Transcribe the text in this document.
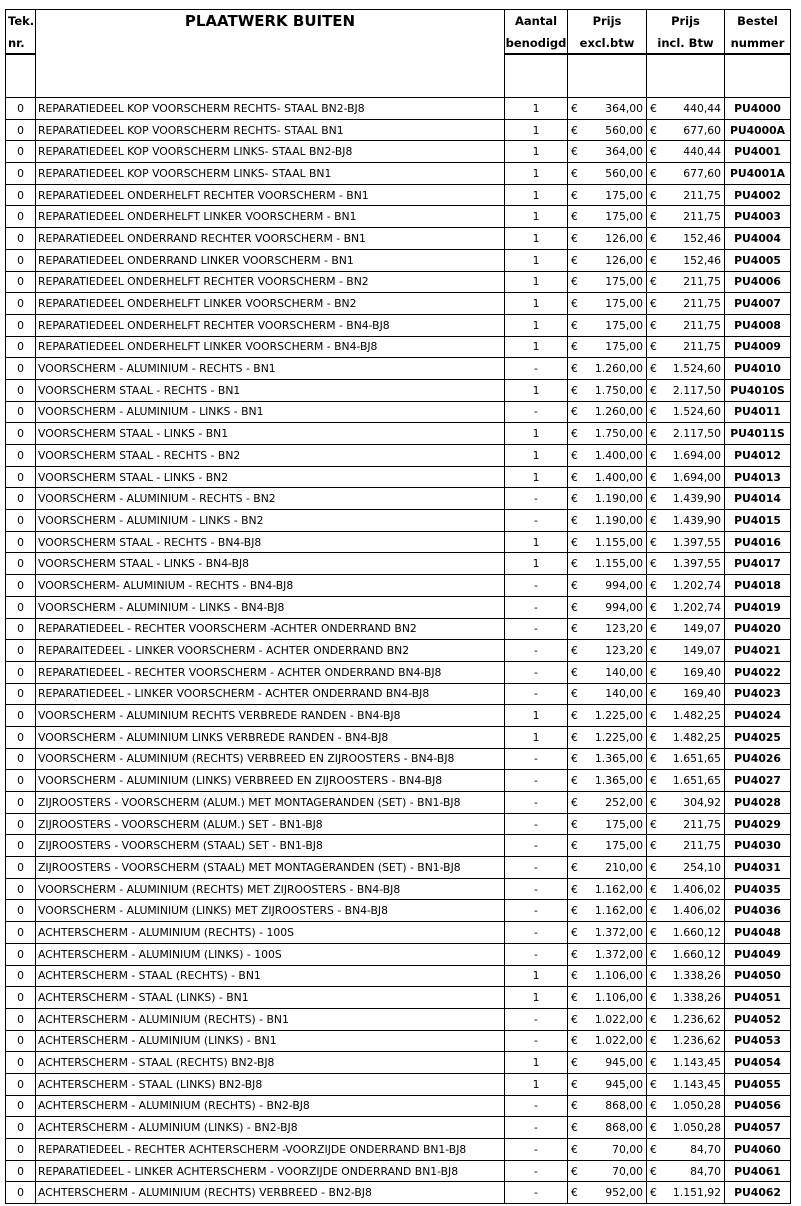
Tek.	PLAATWERK BUITEN	Aantal	Prijs	Prijs	Bestel
nr.		benodigd	excl.btw	incl. Btw	nummer

0	REPARATIEDEEL KOP VOORSCHERM RECHTS- STAAL BN2-BJ8	1	€ 364,00	€ 440,44	PU4000
0	REPARATIEDEEL KOP VOORSCHERM RECHTS- STAAL BN1	1	€ 560,00	€ 677,60	PU4000A
0	REPARATIEDEEL KOP VOORSCHERM LINKS- STAAL BN2-BJ8	1	€ 364,00	€ 440,44	PU4001
0	REPARATIEDEEL KOP VOORSCHERM LINKS- STAAL BN1	1	€ 560,00	€ 677,60	PU4001A
0	REPARATIEDEEL ONDERHELFT RECHTER VOORSCHERM - BN1	1	€ 175,00	€ 211,75	PU4002
0	REPARATIEDEEL ONDERHELFT LINKER VOORSCHERM - BN1	1	€ 175,00	€ 211,75	PU4003
0	REPARATIEDEEL ONDERRAND RECHTER VOORSCHERM - BN1	1	€ 126,00	€ 152,46	PU4004
0	REPARATIEDEEL ONDERRAND LINKER VOORSCHERM - BN1	1	€ 126,00	€ 152,46	PU4005
0	REPARATIEDEEL ONDERHELFT RECHTER VOORSCHERM - BN2	1	€ 175,00	€ 211,75	PU4006
0	REPARATIEDEEL ONDERHELFT LINKER VOORSCHERM - BN2	1	€ 175,00	€ 211,75	PU4007
0	REPARATIEDEEL ONDERHELFT RECHTER VOORSCHERM - BN4-BJ8	1	€ 175,00	€ 211,75	PU4008
0	REPARATIEDEEL ONDERHELFT LINKER VOORSCHERM - BN4-BJ8	1	€ 175,00	€ 211,75	PU4009
0	VOORSCHERM - ALUMINIUM - RECHTS - BN1	-	€ 1.260,00	€ 1.524,60	PU4010
0	VOORSCHERM STAAL - RECHTS - BN1	1	€ 1.750,00	€ 2.117,50	PU4010S
0	VOORSCHERM - ALUMINIUM - LINKS - BN1	-	€ 1.260,00	€ 1.524,60	PU4011
0	VOORSCHERM STAAL - LINKS - BN1	1	€ 1.750,00	€ 2.117,50	PU4011S
0	VOORSCHERM STAAL - RECHTS - BN2	1	€ 1.400,00	€ 1.694,00	PU4012
0	VOORSCHERM STAAL - LINKS - BN2	1	€ 1.400,00	€ 1.694,00	PU4013
0	VOORSCHERM - ALUMINIUM - RECHTS - BN2	-	€ 1.190,00	€ 1.439,90	PU4014
0	VOORSCHERM - ALUMINIUM - LINKS - BN2	-	€ 1.190,00	€ 1.439,90	PU4015
0	VOORSCHERM STAAL - RECHTS - BN4-BJ8	1	€ 1.155,00	€ 1.397,55	PU4016
0	VOORSCHERM STAAL - LINKS - BN4-BJ8	1	€ 1.155,00	€ 1.397,55	PU4017
0	VOORSCHERM- ALUMINIUM - RECHTS - BN4-BJ8	-	€ 994,00	€ 1.202,74	PU4018
0	VOORSCHERM - ALUMINIUM - LINKS - BN4-BJ8	-	€ 994,00	€ 1.202,74	PU4019
0	REPARATIEDEEL - RECHTER VOORSCHERM -ACHTER ONDERRAND BN2	-	€ 123,20	€ 149,07	PU4020
0	REPARAITEDEEL - LINKER VOORSCHERM - ACHTER ONDERRAND BN2	-	€ 123,20	€ 149,07	PU4021
0	REPARATIEDEEL - RECHTER VOORSCHERM - ACHTER ONDERRAND BN4-BJ8	-	€ 140,00	€ 169,40	PU4022
0	REPARATIEDEEL - LINKER VOORSCHERM - ACHTER ONDERRAND BN4-BJ8	-	€ 140,00	€ 169,40	PU4023
0	VOORSCHERM - ALUMINIUM RECHTS VERBREDE RANDEN - BN4-BJ8	1	€ 1.225,00	€ 1.482,25	PU4024
0	VOORSCHERM - ALUMINIUM LINKS VERBREDE RANDEN - BN4-BJ8	1	€ 1.225,00	€ 1.482,25	PU4025
0	VOORSCHERM - ALUMINIUM (RECHTS) VERBREED EN ZIJROOSTERS - BN4-BJ8	-	€ 1.365,00	€ 1.651,65	PU4026
0	VOORSCHERM - ALUMINIUM (LINKS) VERBREED EN ZIJROOSTERS - BN4-BJ8	-	€ 1.365,00	€ 1.651,65	PU4027
0	ZIJROOSTERS - VOORSCHERM (ALUM.) MET MONTAGERANDEN (SET) - BN1-BJ8	-	€ 252,00	€ 304,92	PU4028
0	ZIJROOSTERS - VOORSCHERM (ALUM.) SET - BN1-BJ8	-	€ 175,00	€ 211,75	PU4029
0	ZIJROOSTERS - VOORSCHERM (STAAL) SET - BN1-BJ8	-	€ 175,00	€ 211,75	PU4030
0	ZIJROOSTERS - VOORSCHERM (STAAL) MET MONTAGERANDEN (SET) - BN1-BJ8	-	€ 210,00	€ 254,10	PU4031
0	VOORSCHERM - ALUMINIUM (RECHTS) MET ZIJROOSTERS - BN4-BJ8	-	€ 1.162,00	€ 1.406,02	PU4035
0	VOORSCHERM - ALUMINIUM (LINKS) MET ZIJROOSTERS - BN4-BJ8	-	€ 1.162,00	€ 1.406,02	PU4036
0	ACHTERSCHERM - ALUMINIUM (RECHTS) - 100S	-	€ 1.372,00	€ 1.660,12	PU4048
0	ACHTERSCHERM - ALUMINIUM (LINKS) - 100S	-	€ 1.372,00	€ 1.660,12	PU4049
0	ACHTERSCHERM - STAAL (RECHTS) - BN1	1	€ 1.106,00	€ 1.338,26	PU4050
0	ACHTERSCHERM - STAAL (LINKS) - BN1	1	€ 1.106,00	€ 1.338,26	PU4051
0	ACHTERSCHERM - ALUMINIUM (RECHTS) - BN1	-	€ 1.022,00	€ 1.236,62	PU4052
0	ACHTERSCHERM - ALUMINIUM (LINKS) - BN1	-	€ 1.022,00	€ 1.236,62	PU4053
0	ACHTERSCHERM - STAAL (RECHTS) BN2-BJ8	1	€ 945,00	€ 1.143,45	PU4054
0	ACHTERSCHERM - STAAL (LINKS) BN2-BJ8	1	€ 945,00	€ 1.143,45	PU4055
0	ACHTERSCHERM - ALUMINIUM (RECHTS) - BN2-BJ8	-	€ 868,00	€ 1.050,28	PU4056
0	ACHTERSCHERM - ALUMINIUM (LINKS) - BN2-BJ8	-	€ 868,00	€ 1.050,28	PU4057
0	REPARATIEDEEL - RECHTER ACHTERSCHERM -VOORZIJDE ONDERRAND BN1-BJ8	-	€ 70,00	€ 84,70	PU4060
0	REPARATIEDEEL - LINKER ACHTERSCHERM - VOORZIJDE ONDERRAND BN1-BJ8	-	€ 70,00	€ 84,70	PU4061
0	ACHTERSCHERM - ALUMINIUM (RECHTS) VERBREED - BN2-BJ8	-	€ 952,00	€ 1.151,92	PU4062
